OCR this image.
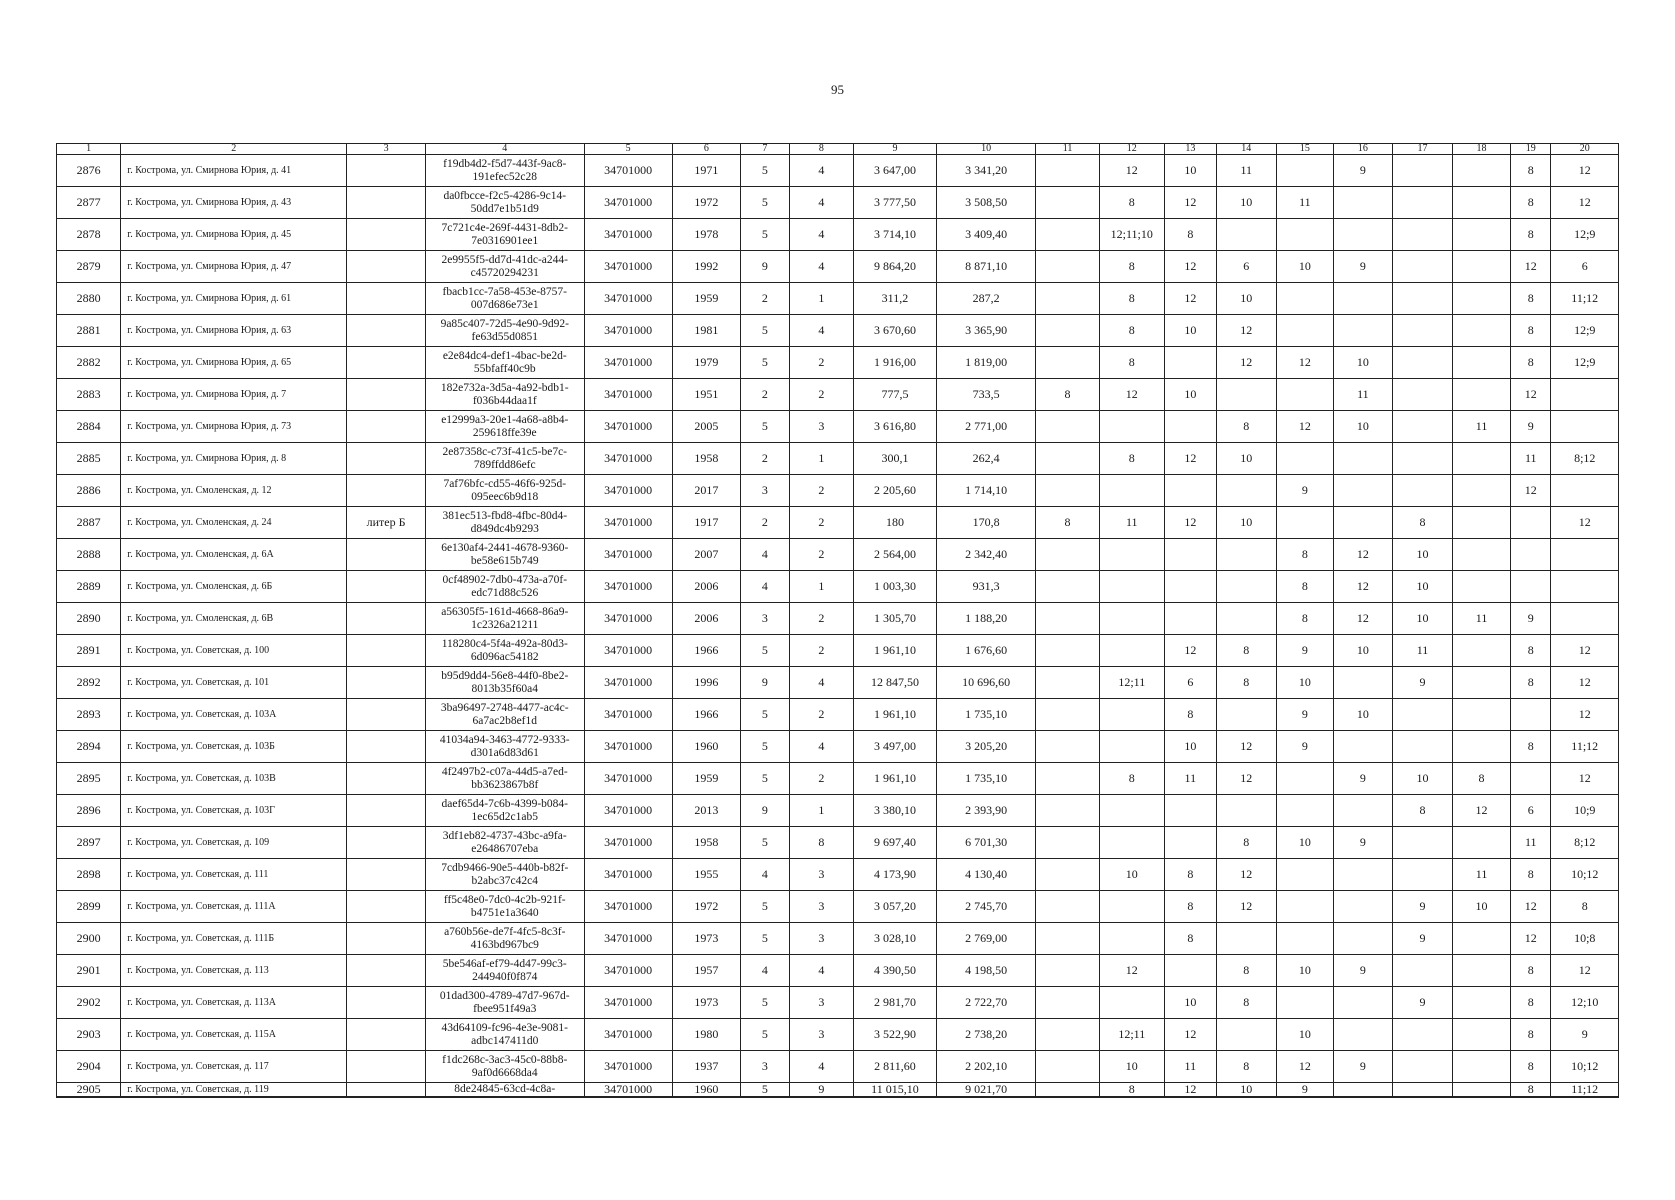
95
1	2	3	4	5	6	7	8	9	10	11	12	13	14	15	16	17	18	19	20
2876	г. Кострома, ул. Смирнова Юрия, д. 41		f19db4d2-f5d7-443f-9ac8-191efec52c28	34701000	1971	5	4	3 647,00	3 341,20		12	10	11		9			8	12
2877	г. Кострома, ул. Смирнова Юрия, д. 43		da0fbcce-f2c5-4286-9c14-50dd7e1b51d9	34701000	1972	5	4	3 777,50	3 508,50		8	12	10	11				8	12
2878	г. Кострома, ул. Смирнова Юрия, д. 45		7c721c4e-269f-4431-8db2-7e0316901ee1	34701000	1978	5	4	3 714,10	3 409,40		12;11;10	8						8	12;9
2879	г. Кострома, ул. Смирнова Юрия, д. 47		2e9955f5-dd7d-41dc-a244-c45720294231	34701000	1992	9	4	9 864,20	8 871,10		8	12	6	10	9			12	6
2880	г. Кострома, ул. Смирнова Юрия, д. 61		fbacb1cc-7a58-453e-8757-007d686e73e1	34701000	1959	2	1	311,2	287,2		8	12	10					8	11;12
2881	г. Кострома, ул. Смирнова Юрия, д. 63		9a85c407-72d5-4e90-9d92-fe63d55d0851	34701000	1981	5	4	3 670,60	3 365,90		8	10	12					8	12;9
2882	г. Кострома, ул. Смирнова Юрия, д. 65		e2e84dc4-def1-4bac-be2d-55bfaff40c9b	34701000	1979	5	2	1 916,00	1 819,00		8		12	12	10			8	12;9
2883	г. Кострома, ул. Смирнова Юрия, д. 7		182e732a-3d5a-4a92-bdb1-f036b44daa1f	34701000	1951	2	2	777,5	733,5	8	12	10			11			12	
2884	г. Кострома, ул. Смирнова Юрия, д. 73		e12999a3-20e1-4a68-a8b4-259618ffe39e	34701000	2005	5	3	3 616,80	2 771,00				8	12	10		11	9	
2885	г. Кострома, ул. Смирнова Юрия, д. 8		2e87358c-c73f-41c5-be7c-789ffdd86efc	34701000	1958	2	1	300,1	262,4		8	12	10					11	8;12
2886	г. Кострома, ул. Смоленская, д. 12		7af76bfc-cd55-46f6-925d-095eec6b9d18	34701000	2017	3	2	2 205,60	1 714,10					9				12	
2887	г. Кострома, ул. Смоленская, д. 24	литер Б	381ec513-fbd8-4fbc-80d4-d849dc4b9293	34701000	1917	2	2	180	170,8	8	11	12	10			8			12
2888	г. Кострома, ул. Смоленская, д. 6А		6e130af4-2441-4678-9360-be58e615b749	34701000	2007	4	2	2 564,00	2 342,40					8	12	10			
2889	г. Кострома, ул. Смоленская, д. 6Б		0cf48902-7db0-473a-a70f-edc71d88c526	34701000	2006	4	1	1 003,30	931,3					8	12	10			
2890	г. Кострома, ул. Смоленская, д. 6В		a56305f5-161d-4668-86a9-1c2326a21211	34701000	2006	3	2	1 305,70	1 188,20					8	12	10	11	9	
2891	г. Кострома, ул. Советская, д. 100		118280c4-5f4a-492a-80d3-6d096ac54182	34701000	1966	5	2	1 961,10	1 676,60			12	8	9	10	11		8	12
2892	г. Кострома, ул. Советская, д. 101		b95d9dd4-56e8-44f0-8be2-8013b35f60a4	34701000	1996	9	4	12 847,50	10 696,60		12;11	6	8	10		9		8	12
2893	г. Кострома, ул. Советская, д. 103А		3ba96497-2748-4477-ac4c-6a7ac2b8ef1d	34701000	1966	5	2	1 961,10	1 735,10			8		9	10				12
2894	г. Кострома, ул. Советская, д. 103Б		41034a94-3463-4772-9333-d301a6d83d61	34701000	1960	5	4	3 497,00	3 205,20			10	12	9				8	11;12
2895	г. Кострома, ул. Советская, д. 103В		4f2497b2-c07a-44d5-a7ed-bb3623867b8f	34701000	1959	5	2	1 961,10	1 735,10		8	11	12		9	10	8		12
2896	г. Кострома, ул. Советская, д. 103Г		daef65d4-7c6b-4399-b084-1ec65d2c1ab5	34701000	2013	9	1	3 380,10	2 393,90							8	12	6	10;9
2897	г. Кострома, ул. Советская, д. 109		3df1eb82-4737-43bc-a9fa-e26486707eba	34701000	1958	5	8	9 697,40	6 701,30				8	10	9			11	8;12
2898	г. Кострома, ул. Советская, д. 111		7cdb9466-90e5-440b-b82f-b2abc37c42c4	34701000	1955	4	3	4 173,90	4 130,40		10	8	12				11	8	10;12
2899	г. Кострома, ул. Советская, д. 111А		ff5c48e0-7dc0-4c2b-921f-b4751e1a3640	34701000	1972	5	3	3 057,20	2 745,70			8	12			9	10	12	8
2900	г. Кострома, ул. Советская, д. 111Б		a760b56e-de7f-4fc5-8c3f-4163bd967bc9	34701000	1973	5	3	3 028,10	2 769,00			8				9		12	10;8
2901	г. Кострома, ул. Советская, д. 113		5be546af-ef79-4d47-99c3-244940f0f874	34701000	1957	4	4	4 390,50	4 198,50		12		8	10	9			8	12
2902	г. Кострома, ул. Советская, д. 113А		01dad300-4789-47d7-967d-fbee951f49a3	34701000	1973	5	3	2 981,70	2 722,70			10	8			9		8	12;10
2903	г. Кострома, ул. Советская, д. 115А		43d64109-fc96-4e3e-9081-adbc147411d0	34701000	1980	5	3	3 522,90	2 738,20		12;11	12		10				8	9
2904	г. Кострома, ул. Советская, д. 117		f1dc268c-3ac3-45c0-88b8-9af0d6668da4	34701000	1937	3	4	2 811,60	2 202,10		10	11	8	12	9			8	10;12
2905	г. Кострома, ул. Советская, д. 119		8de24845-63cd-4c8a-	34701000	1960	5	9	11 015,10	9 021,70		8	12	10	9				8	11;12
